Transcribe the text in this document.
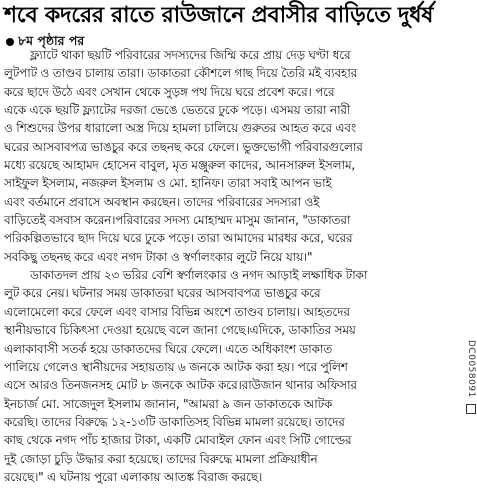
শবে কদরের রাতে রাউজানে প্রবাসীর বাড়িতে দুর্ধর্ষ
৮ম পৃষ্ঠার পর
ফ্ল্যাটে থাকা ছয়টি পরিবারের সদস্যদের জিম্মি করে প্রায় দেড় ঘণ্টা ধরে
লুটপাট ও তাণ্ডব চালায় তারা। ডাকাতরা কৌশলে গাছ দিয়ে তৈরি মই ব্যবহার
করে ছাদে উঠে এবং সেখান থেকে সুড়ঙ্গ পথ দিয়ে ঘরে প্রবেশ করে। পরে
একে একে ছয়টি ফ্ল্যাটের দরজা ভেঙে ভেতরে ঢুকে পড়ে। এসময় তারা নারী
ও শিশুদের উপর ধারালো অস্ত্র দিয়ে হামলা চালিয়ে গুরুতর আহত করে এবং
ঘরের আসবাবপত্র ভাঙচুর করে তছনছ করে ফেলে। ভুক্তভোগী পরিবারগুলোর
মধ্যে রয়েছে আহামদ হোসেন বাবুল, মৃত মঞ্জুরুল কাদের, আনসারুল ইসলাম,
সাইফুল ইসলাম, নজরুল ইসলাম ও মো. হানিফ। তারা সবাই আপন ভাই
এবং বর্তমানে প্রবাসে অবস্থান করছেন। তাদের পরিবারের সদস্যরা ওই
বাড়িতেই বসবাস করেন।পরিবারের সদস্য মোহাম্মদ মাসুম জানান, "ডাকাতরা
পরিকল্পিতভাবে ছাদ দিয়ে ঘরে ঢুকে পড়ে। তারা আমাদের মারধর করে, ঘরের
সবকিছু তছনছ করে এবং নগদ টাকা ও স্বর্ণালংকার লুটে নিয়ে যায়।"
ডাকাতদল প্রায় ২৩ ভরির বেশি স্বর্ণালংকার ও নগদ আড়াই লক্ষাধিক টাকা
লুট করে নেয়। ঘটনার সময় ডাকাতরা ঘরের আসবাবপত্র ভাঙচুর করে
এলোমেলো করে ফেলে এবং বাসার বিভিন্ন অংশে তাণ্ডব চালায়। আহতদের
স্থানীয়ভাবে চিকিৎসা দেওয়া হয়েছে বলে জানা গেছে।এদিকে, ডাকাতির সময়
এলাকাবাসী সতর্ক হয়ে ডাকাতদের ঘিরে ফেলে। এতে অধিকাংশ ডাকাত
পালিয়ে গেলেও স্থানীয়দের সহায়তায় ৬ জনকে আটক করা হয়। পরে পুলিশ
এসে আরও তিনজনসহ মোট ৮ জনকে আটক করে।রাউজান থানার অফিসার
ইনচার্জ মো. সাজেদুল ইসলাম জানান, "আমরা ৯ জন ডাকাতকে আটক
করেছি। তাদের বিরুদ্ধে ১২-১৩টি ডাকাতিসহ বিভিন্ন মামলা রয়েছে। তাদের
কাছ থেকে নগদ পাঁচ হাজার টাকা, একটি মোবাইল ফোন এবং সিটি গোল্ডের
দুই জোড়া চুড়ি উদ্ধার করা হয়েছে। তাদের বিরুদ্ধে মামলা প্রক্রিয়াধীন
রয়েছে।" এ ঘটনায় পুরো এলাকায় আতঙ্ক বিরাজ করছে।
DC0058091
